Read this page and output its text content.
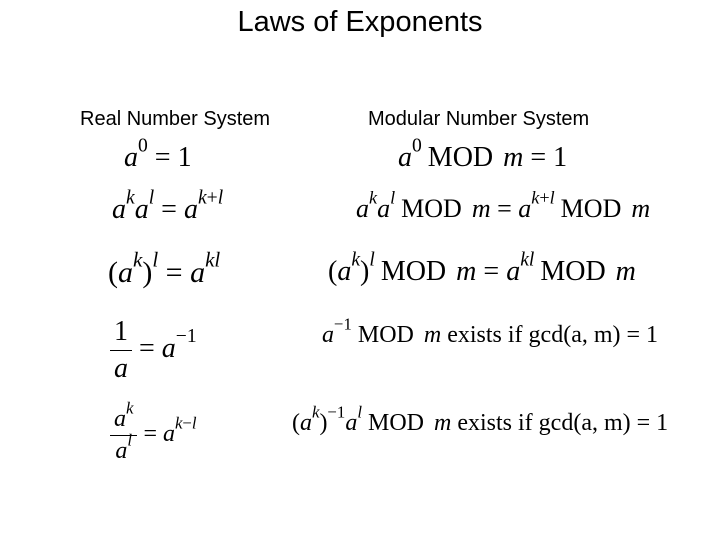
Laws of Exponents
Real Number System	Modular Number System
$a^0 = 1$
$a^ka^l = a^{k+l}$
$(a^k)^l = a^{kl}$
$\frac{1}{a} = a^{-1}$
$\frac{a^k}{a^l} = a^{k-l}$
$a^0$ MOD m = 1
$a^ka^l$ MOD $m = a^{k+l}$ MOD m
$(a^k)^l$ MOD $m = a^{kl}$ MOD m
$a^{-1}$ MOD m exists if gcd(a, m) = 1
$(a^k)^{-1}a^l$ MOD m exists if gcd(a, m) = 1
